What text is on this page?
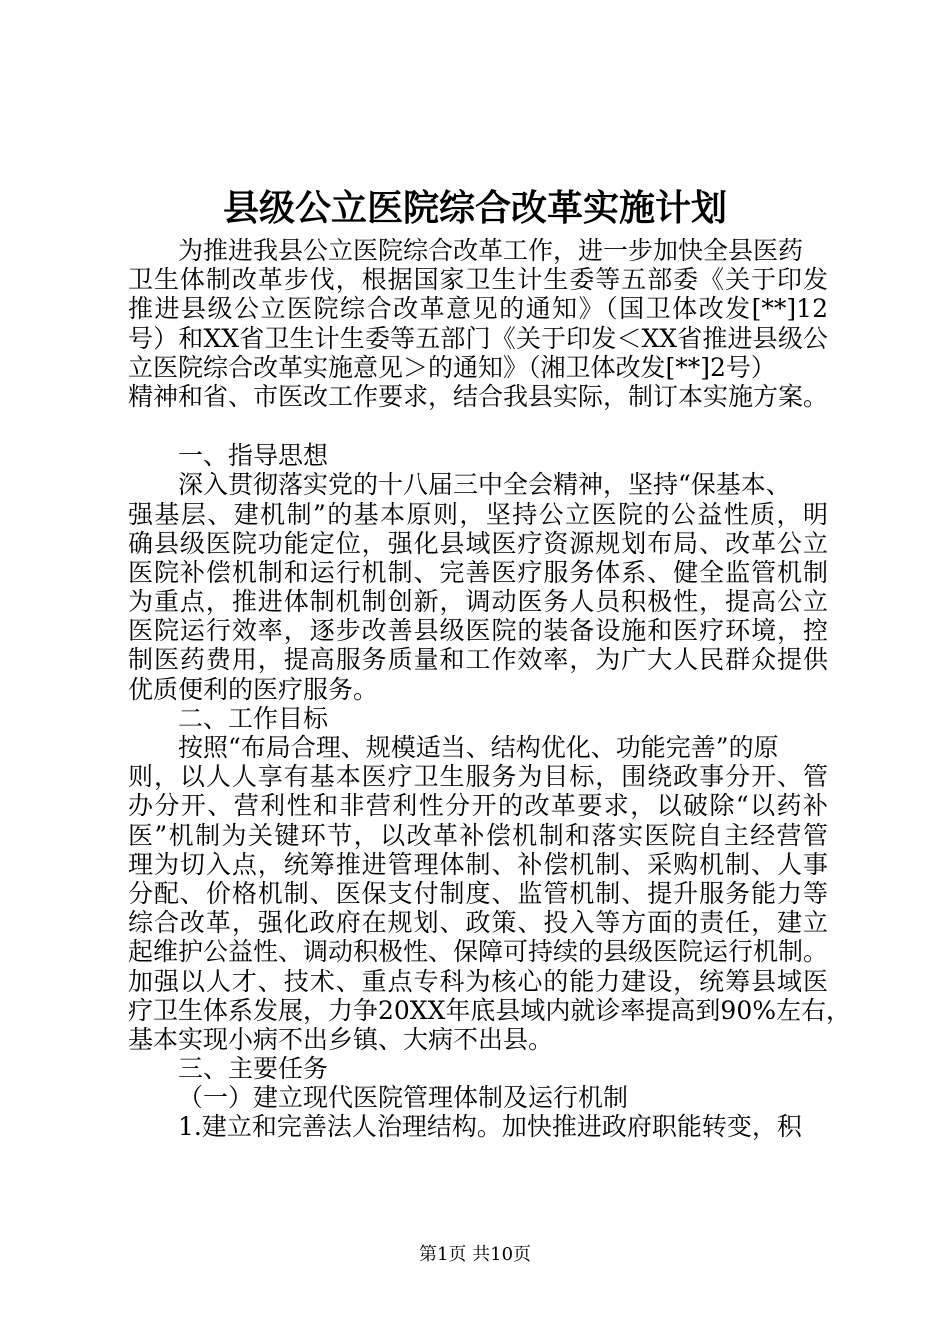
县级公立医院综合改革实施计划
为推进我县公立医院综合改革工作，进一步加快全县医药
卫生体制改革步伐，根据国家卫生计生委等五部委《关于印发
推进县级公立医院综合改革意见的通知》（国卫体改发[**]12
号）和XX省卫生计生委等五部门《关于印发＜XX省推进县级公
立医院综合改革实施意见＞的通知》（湘卫体改发[**]2号）
精神和省、市医改工作要求，结合我县实际，制订本实施方案。
一、指导思想
深入贯彻落实党的十八届三中全会精神，坚持“保基本、
强基层、建机制”的基本原则，坚持公立医院的公益性质，明
确县级医院功能定位，强化县域医疗资源规划布局、改革公立
医院补偿机制和运行机制、完善医疗服务体系、健全监管机制
为重点，推进体制机制创新，调动医务人员积极性，提高公立
医院运行效率，逐步改善县级医院的装备设施和医疗环境，控
制医药费用，提高服务质量和工作效率，为广大人民群众提供
优质便利的医疗服务。
二、工作目标
按照“布局合理、规模适当、结构优化、功能完善”的原
则，以人人享有基本医疗卫生服务为目标，围绕政事分开、管
办分开、营利性和非营利性分开的改革要求，以破除“以药补
医”机制为关键环节，以改革补偿机制和落实医院自主经营管
理为切入点，统筹推进管理体制、补偿机制、采购机制、人事
分配、价格机制、医保支付制度、监管机制、提升服务能力等
综合改革，强化政府在规划、政策、投入等方面的责任，建立
起维护公益性、调动积极性、保障可持续的县级医院运行机制。
加强以人才、技术、重点专科为核心的能力建设，统筹县域医
疗卫生体系发展，力争20XX年底县域内就诊率提高到90%左右，
基本实现小病不出乡镇、大病不出县。
三、主要任务
（一）建立现代医院管理体制及运行机制
1.建立和完善法人治理结构。加快推进政府职能转变，积
第1页 共10页
